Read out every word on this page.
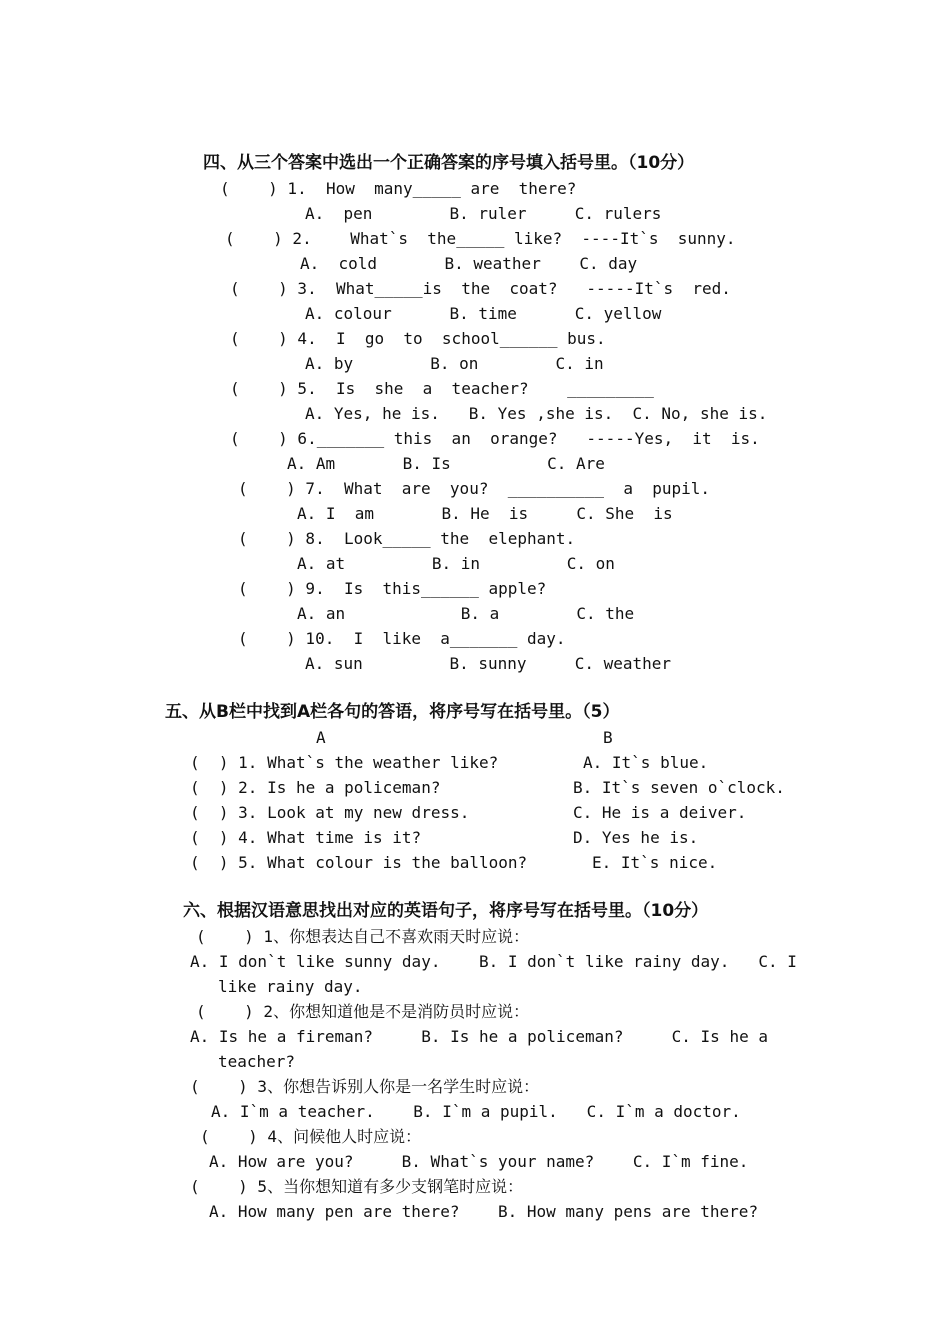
四、从三个答案中选出一个正确答案的序号填入括号里。（10分）
(    ) 1.  How  many_____ are  there?
A.  pen        B. ruler     C. rulers
(    ) 2.    What`s  the_____ like?  ----It`s  sunny.
A.  cold       B. weather    C. day
(    ) 3.  What_____is  the  coat?   -----It`s  red.
A. colour      B. time      C. yellow
(    ) 4.  I  go  to  school______ bus.
A. by        B. on        C. in
(    ) 5.  Is  she  a  teacher?    _________
A. Yes, he is.   B. Yes ,she is.  C. No, she is.
(    ) 6._______ this  an  orange?   -----Yes,  it  is.
A. Am       B. Is          C. Are
(    ) 7.  What  are  you?  __________  a  pupil.
A. I  am       B. He  is     C. She  is
(    ) 8.  Look_____ the  elephant.
A. at         B. in         C. on
(    ) 9.  Is  this______ apple?
A. an            B. a        C. the
(    ) 10.  I  like  a_______ day.
A. sun         B. sunny     C. weather
五、从B栏中找到A栏各句的答语，将序号写在括号里。（5）
A	B
(  ) 1. What`s the weather like?
(  ) 2. Is he a policeman?
(  ) 3. Look at my new dress.
(  ) 4. What time is it?
(  ) 5. What colour is the balloon?
A. It`s blue.
B. It`s seven o`clock.
C. He is a deiver.
D. Yes he is.
E. It`s nice.
六、根据汉语意思找出对应的英语句子，将序号写在括号里。（10分）
(    ) 1、你想表达自己不喜欢雨天时应说：
A. I don`t like sunny day.    B. I don`t like rainy day.   C. I
like rainy day.
(    ) 2、你想知道他是不是消防员时应说：
A. Is he a fireman?     B. Is he a policeman?     C. Is he a
teacher?
(    ) 3、你想告诉别人你是一名学生时应说：
A. I`m a teacher.    B. I`m a pupil.   C. I`m a doctor.
(    ) 4、问候他人时应说：
A. How are you?     B. What`s your name?    C. I`m fine.
(    ) 5、当你想知道有多少支钢笔时应说：
A. How many pen are there?    B. How many pens are there?
